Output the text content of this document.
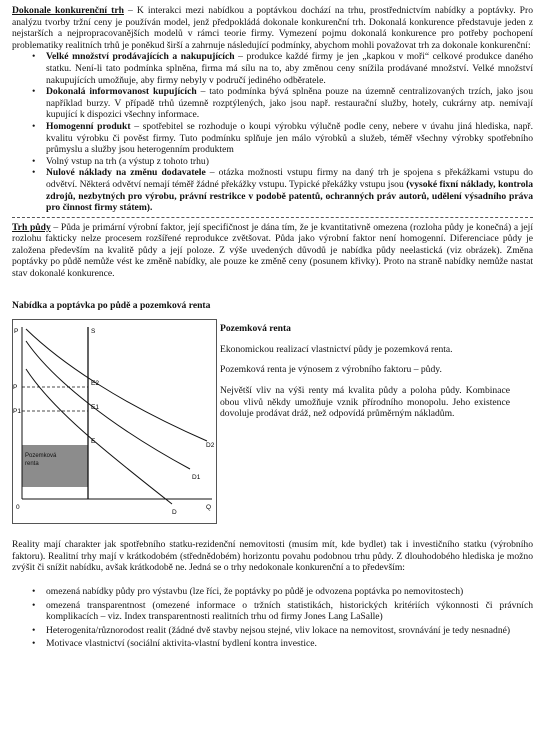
Dokonale konkurenční trh – K interakci mezi nabídkou a poptávkou dochází na trhu, prostřednictvím nabídky a poptávky. Pro analýzu tvorby tržní ceny je používán model, jenž předpokládá dokonale konkurenční trh. Dokonalá konkurence představuje jeden z nejstarších a nejpropracovanějších modelů v rámci teorie firmy. Vymezení pojmu dokonalá konkurence pro potřeby pochopení problematiky realitních trhů je poněkud širší a zahrnuje následující podmínky, abychom mohli považovat trh za dokonale konkurenční:

• Velké množství prodávajících a nakupujících – produkce každé firmy je jen „kapkou v moři“ celkové produkce daného statku. Není-li tato podmínka splněna, firma má sílu na to, aby změnou ceny snížila prodávané množství. Velké množství nakupujících umožňuje, aby firmy nebyly v područí jediného odběratele.
• Dokonalá informovanost kupujících – tato podmínka bývá splněna pouze na územně centralizovaných trzích, jako jsou například burzy. V případě trhů územně rozptýlených, jako jsou např. restaurační služby, hotely, cukrárny atp. nemívají kupující k dispozici všechny informace.
• Homogenní produkt – spotřebitel se rozhoduje o koupi výrobku výlučně podle ceny, nebere v úvahu jiná hlediska, např. kvalitu výrobku či pověst firmy. Tuto podmínku splňuje jen málo výrobků a služeb, téměř všechny výrobky spotřebního průmyslu a služby jsou heterogenním produktem
• Volný vstup na trh (a výstup z tohoto trhu)
• Nulové náklady na změnu dodavatele – otázka možnosti vstupu firmy na daný trh je spojena s překážkami vstupu do odvětví. Některá odvětví nemají téměř žádné překážky vstupu. Typické překážky vstupu jsou (vysoké fixní náklady, kontrola zdrojů, nezbytných pro výrobu, právní restrikce v podobě patentů, ochranných práv autorů, udělení výsadního práva pro činnost firmy státem).

Trh půdy – Půda je primární výrobní faktor, její specifičnost je dána tím, že je kvantitativně omezena (rozloha půdy je konečná) a její rozlohu fakticky nelze procesem rozšířené reprodukce zvětšovat. Půda jako výrobní faktor není homogenní. Diferenciace půdy je založena především na kvalitě půdy a její poloze. Z výše uvedených důvodů je nabídka půdy neelastická (viz obrázek). Změna poptávky po půdě nemůže vést ke změně nabídky, ale pouze ke změně ceny (posunem křivky). Proto na straně nabídky nemůže nastat stav dokonalé konkurence.

Nabídka a poptávka po půdě a pozemková renta

Pozemková
renta
P	S
P
P1
E2
E1
E
D2
D1
D
Q
0

Pozemková renta

Ekonomickou realizací vlastnictví půdy je pozemková renta.

Pozemková renta je výnosem z výrobního faktoru – půdy.

Největší vliv na výši renty má kvalita půdy a poloha půdy. Kombinace obou vlivů někdy umožňuje vznik přírodního monopolu. Jeho existence dovoluje prodávat dráž, než odpovídá průměrným nákladům.

Reality mají charakter jak spotřebního statku-rezidenční nemovitosti (musím mít, kde bydlet) tak i investičního statku (výrobního faktoru). Realitní trhy mají v krátkodobém (střednědobém) horizontu povahu podobnou trhu půdy. Z dlouhodobého hlediska je možno zvýšit či snížit nabídku, avšak krátkodobě ne. Jedná se o trhy nedokonale konkurenční a to především:

• omezená nabídky půdy pro výstavbu (lze říci, že poptávky po půdě je odvozena poptávka po nemovitostech)
• omezená transparentnost (omezené informace o tržních statistikách, historických kritériích výkonnosti či právních komplikacích – viz. Index transparentnosti realitních trhu od firmy Jones Lang LaSalle)
• Heterogenita/různorodost realit (žádné dvě stavby nejsou stejné, vliv lokace na nemovitost, srovnávání je tedy nesnadné)
• Motivace vlastnictví (sociální aktivita-vlastní bydlení kontra investice.
